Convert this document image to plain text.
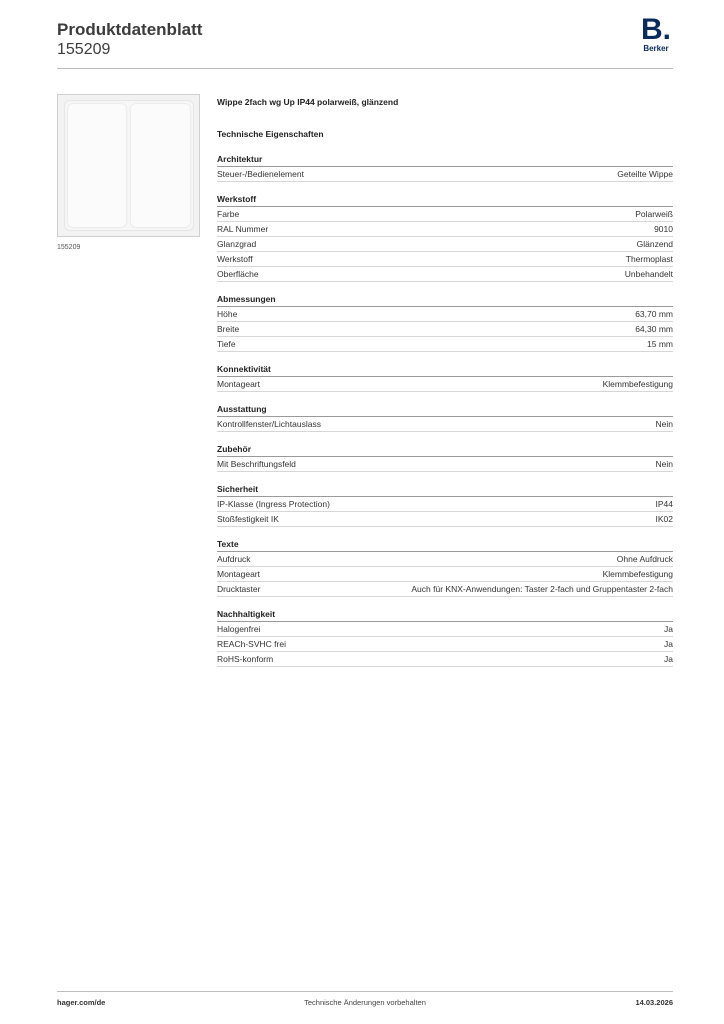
Produktdatenblatt
155209
B.
Berker
155209
Wippe 2fach wg Up IP44 polarweiß, glänzend
Technische Eigenschaften
Architektur
Steuer-/Bedienelement	Geteilte Wippe
Werkstoff
Farbe	Polarweiß
RAL Nummer	9010
Glanzgrad	Glänzend
Werkstoff	Thermoplast
Oberfläche	Unbehandelt
Abmessungen
Höhe	63,70 mm
Breite	64,30 mm
Tiefe	15 mm
Konnektivität
Montageart	Klemmbefestigung
Ausstattung
Kontrollfenster/Lichtauslass	Nein
Zubehör
Mit Beschriftungsfeld	Nein
Sicherheit
IP-Klasse (Ingress Protection)	IP44
Stoßfestigkeit IK	IK02
Texte
Aufdruck	Ohne Aufdruck
Montageart	Klemmbefestigung
Drucktaster	Auch für KNX-Anwendungen: Taster 2-fach und Gruppentaster 2-fach
Nachhaltigkeit
Halogenfrei	Ja
REACh-SVHC frei	Ja
RoHS-konform	Ja
hager.com/de	Technische Änderungen vorbehalten	14.03.2026
